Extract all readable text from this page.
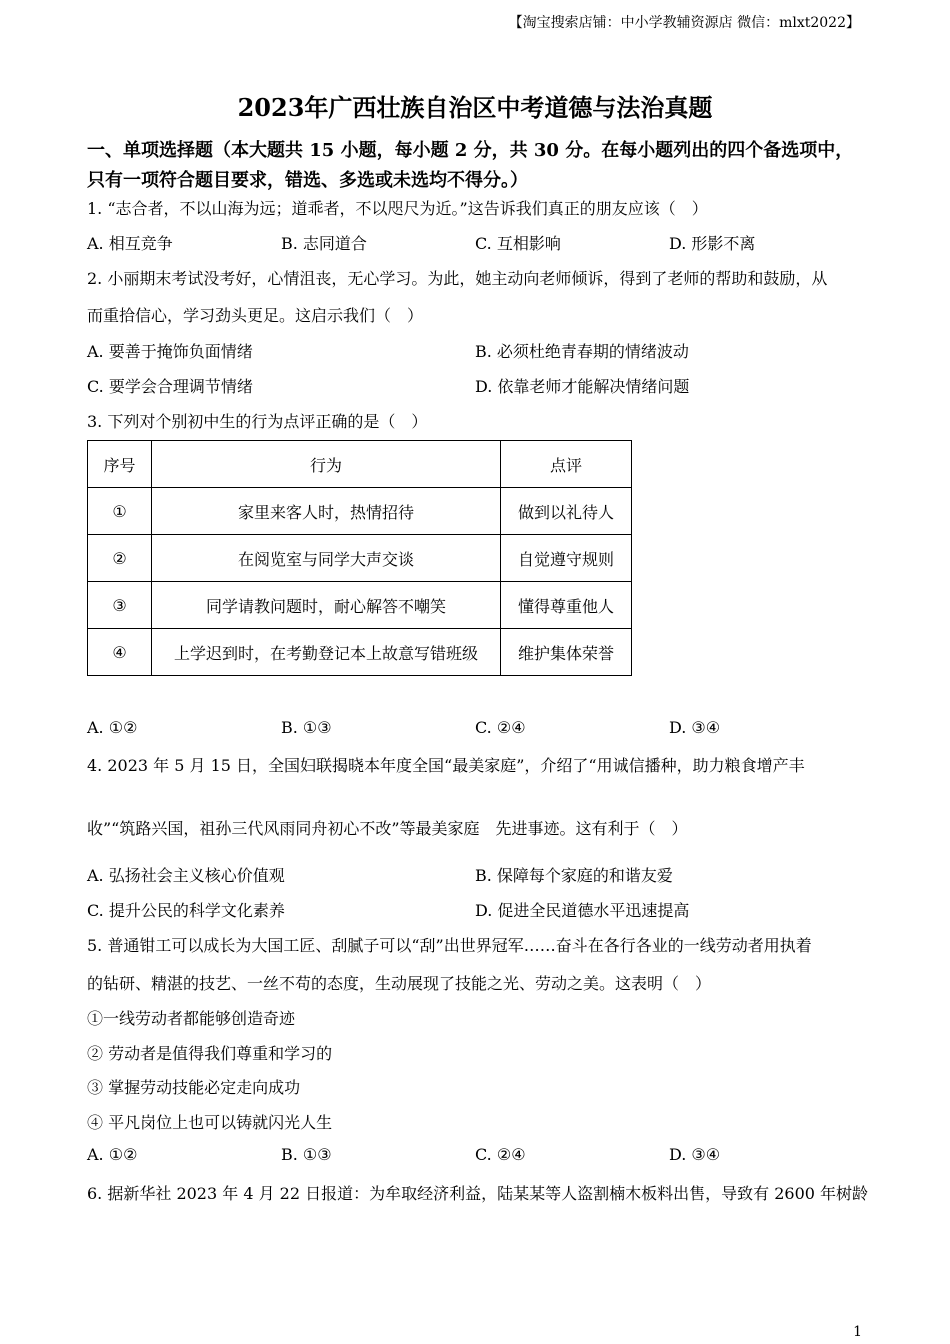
【淘宝搜索店铺：中小学教辅资源店 微信：mlxt2022】
2023年广西壮族自治区中考道德与法治真题
一、单项选择题（本大题共 15 小题，每小题 2 分，共 30 分。在每小题列出的四个备选项中，
只有一项符合题目要求，错选、多选或未选均不得分。）
1. “志合者，不以山海为远；道乖者，不以咫尺为近。”这告诉我们真正的朋友应该（　）
A. 相互竞争	B. 志同道合	C. 互相影响	D. 形影不离
2. 小丽期末考试没考好，心情沮丧，无心学习。为此，她主动向老师倾诉，得到了老师的帮助和鼓励，从
而重拾信心，学习劲头更足。这启示我们（　）
A. 要善于掩饰负面情绪	B. 必须杜绝青春期的情绪波动
C. 要学会合理调节情绪	D. 依靠老师才能解决情绪问题
3. 下列对个别初中生的行为点评正确的是（　）
序号	行为	点评
①	家里来客人时，热情招待	做到以礼待人
②	在阅览室与同学大声交谈	自觉遵守规则
③	同学请教问题时，耐心解答不嘲笑	懂得尊重他人
④	上学迟到时，在考勤登记本上故意写错班级	维护集体荣誉
A. ①②	B. ①③	C. ②④	D. ③④
4. 2023 年 5 月 15 日，全国妇联揭晓本年度全国“最美家庭”，介绍了“用诚信播种，助力粮食增产丰
收”“筑路兴国，祖孙三代风雨同舟初心不改”等最美家庭　先进事迹。这有利于（　）
A. 弘扬社会主义核心价值观	B. 保障每个家庭的和谐友爱
C. 提升公民的科学文化素养	D. 促进全民道德水平迅速提高
5. 普通钳工可以成长为大国工匠、刮腻子可以“刮”出世界冠军……奋斗在各行各业的一线劳动者用执着
的钻研、精湛的技艺、一丝不苟的态度，生动展现了技能之光、劳动之美。这表明（　）
①一线劳动者都能够创造奇迹
② 劳动者是值得我们尊重和学习的
③ 掌握劳动技能必定走向成功
④ 平凡岗位上也可以铸就闪光人生
A. ①②	B. ①③	C. ②④	D. ③④
6. 据新华社 2023 年 4 月 22 日报道：为牟取经济利益，陆某某等人盗割楠木板料出售，导致有 2600 年树龄
1
